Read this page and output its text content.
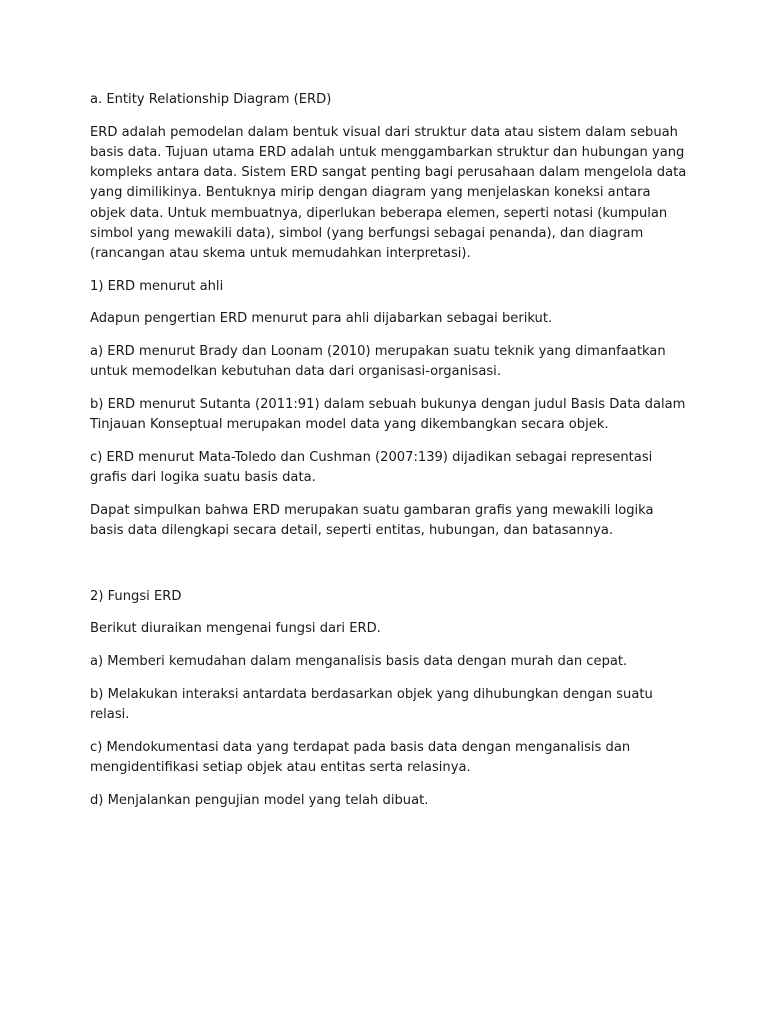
a. Entity Relationship Diagram (ERD)

ERD adalah pemodelan dalam bentuk visual dari struktur data atau sistem dalam sebuah basis data. Tujuan utama ERD adalah untuk menggambarkan struktur dan hubungan yang kompleks antara data. Sistem ERD sangat penting bagi perusahaan dalam mengelola data yang dimilikinya. Bentuknya mirip dengan diagram yang menjelaskan koneksi antara objek data. Untuk membuatnya, diperlukan beberapa elemen, seperti notasi (kumpulan simbol yang mewakili data), simbol (yang berfungsi sebagai penanda), dan diagram (rancangan atau skema untuk memudahkan interpretasi).

1) ERD menurut ahli

Adapun pengertian ERD menurut para ahli dijabarkan sebagai berikut.

a) ERD menurut Brady dan Loonam (2010) merupakan suatu teknik yang dimanfaatkan untuk memodelkan kebutuhan data dari organisasi-organisasi.

b) ERD menurut Sutanta (2011:91) dalam sebuah bukunya dengan judul Basis Data dalam Tinjauan Konseptual merupakan model data yang dikembangkan secara objek.

c) ERD menurut Mata-Toledo dan Cushman (2007:139) dijadikan sebagai representasi grafis dari logika suatu basis data.

Dapat simpulkan bahwa ERD merupakan suatu gambaran grafis yang mewakili logika basis data dilengkapi secara detail, seperti entitas, hubungan, dan batasannya.

2) Fungsi ERD

Berikut diuraikan mengenai fungsi dari ERD.

a) Memberi kemudahan dalam menganalisis basis data dengan murah dan cepat.

b) Melakukan interaksi antardata berdasarkan objek yang dihubungkan dengan suatu relasi.

c) Mendokumentasi data yang terdapat pada basis data dengan menganalisis dan mengidentifikasi setiap objek atau entitas serta relasinya.

d) Menjalankan pengujian model yang telah dibuat.
